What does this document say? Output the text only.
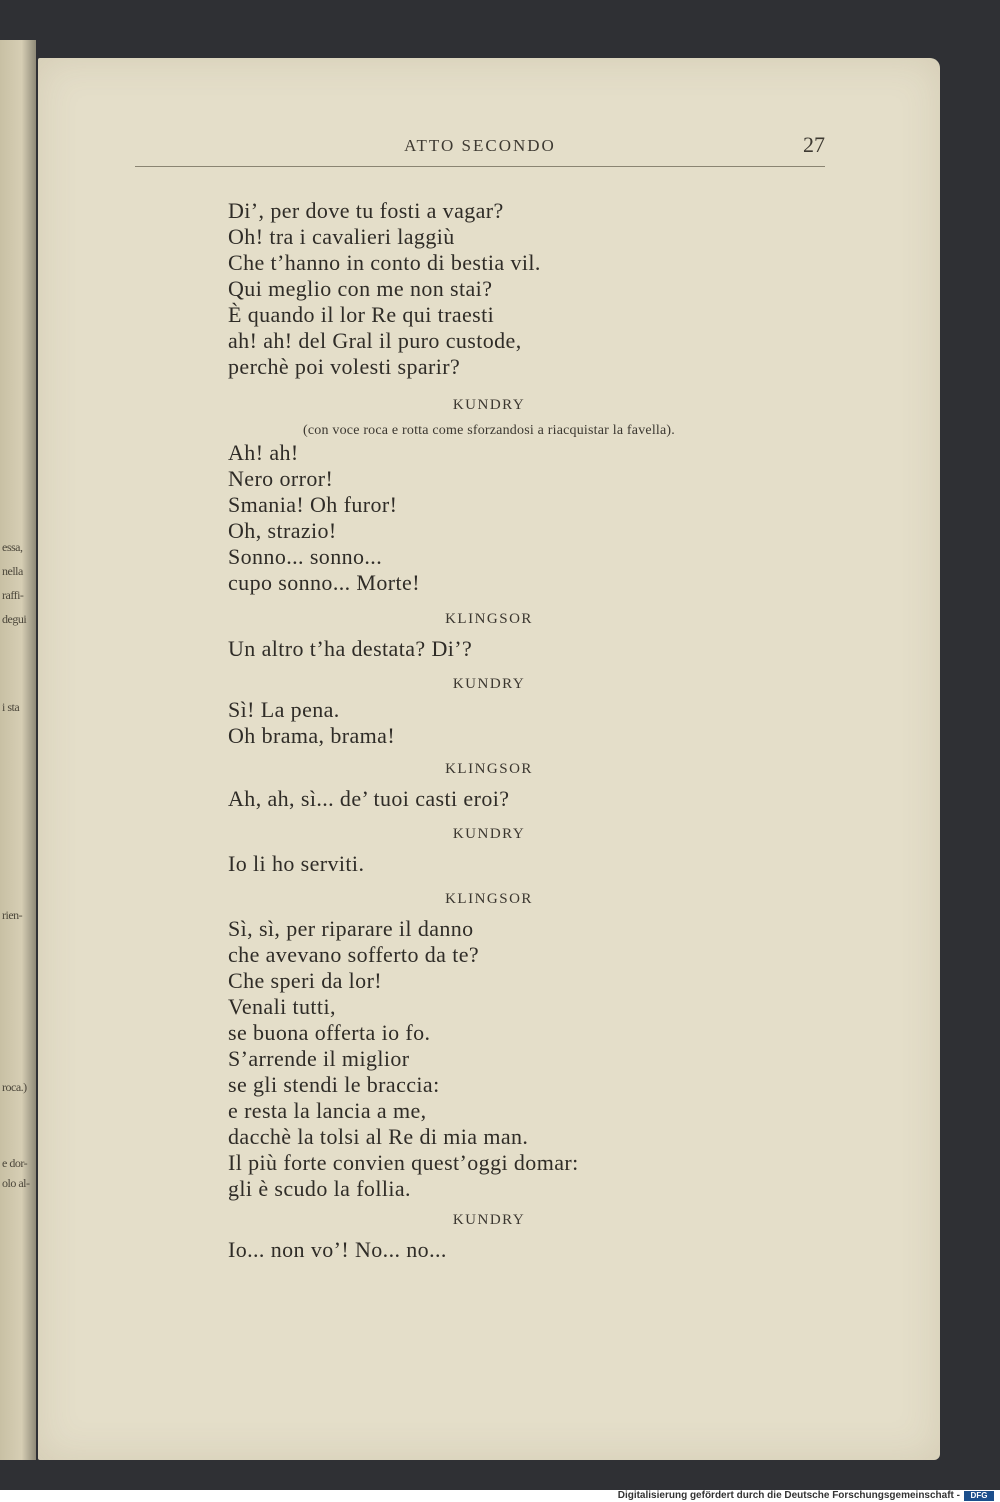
essa,
nella
raffi-
degui
i sta
rien-
roca.)
e dor-
olo al-
ATTO SECONDO	27
Di’, per dove tu fosti a vagar?
Oh! tra i cavalieri laggiù
Che t’hanno in conto di bestia vil.
Qui meglio con me non stai?
È quando il lor Re qui traesti
ah! ah! del Gral il puro custode,
perchè poi volesti sparir?
KUNDRY
(con voce roca e rotta come sforzandosi a riacquistar la favella).
Ah! ah!
Nero orror!
Smania! Oh furor!
Oh, strazio!
Sonno... sonno...
cupo sonno... Morte!
KLINGSOR
Un altro t’ha destata? Di’?
KUNDRY
Sì! La pena.
Oh brama, brama!
KLINGSOR
Ah, ah, sì... de’ tuoi casti eroi?
KUNDRY
Io li ho serviti.
KLINGSOR
Sì, sì, per riparare il danno
che avevano sofferto da te?
Che speri da lor!
Venali tutti,
se buona offerta io fo.
S’arrende il miglior
se gli stendi le braccia:
e resta la lancia a me,
dacchè la tolsi al Re di mia man.
Il più forte convien quest’oggi domar:
gli è scudo la follia.
KUNDRY
Io... non vo’! No... no...
Digitalisierung gefördert durch die Deutsche Forschungsgemeinschaft -	DFG
